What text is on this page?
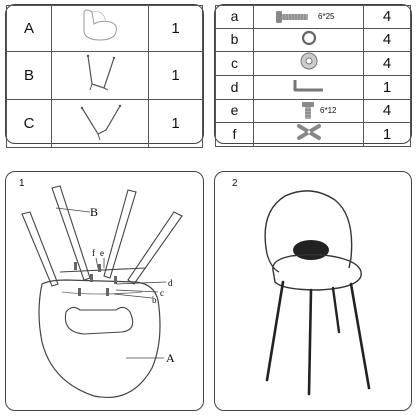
A		1
B		1
C		1
a	6*25	4
b		4
c		4
d		1
e	6*12	4
f		1
1
B
f e
d
c
b
A
2
